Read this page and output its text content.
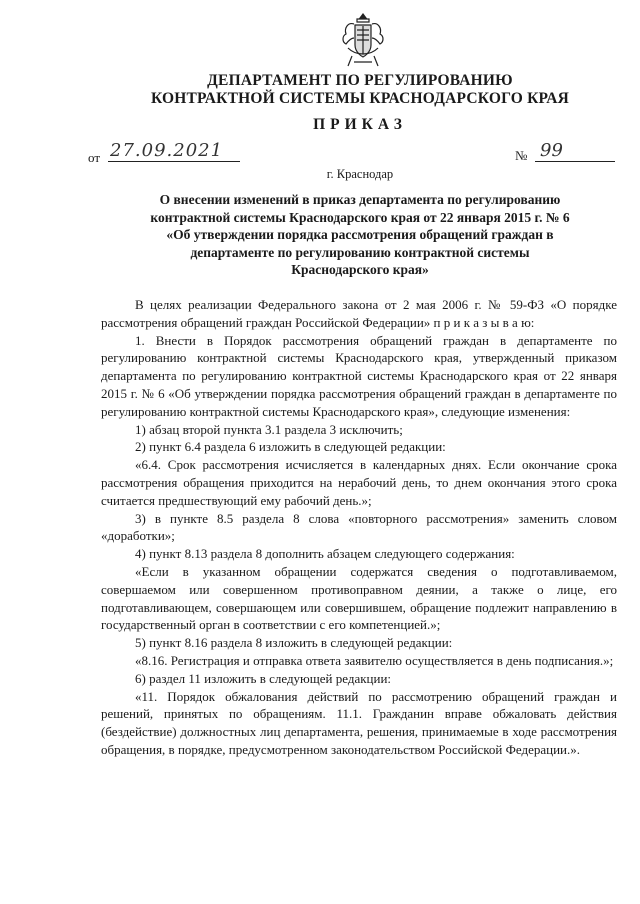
ДЕПАРТАМЕНТ ПО РЕГУЛИРОВАНИЮ
КОНТРАКТНОЙ СИСТЕМЫ КРАСНОДАРСКОГО КРАЯ
ПРИКАЗ
от 27.09.2021	№ 99
г. Краснодар
О внесении изменений в приказ департамента по регулированию
контрактной системы Краснодарского края от 22 января 2015 г. № 6
«Об утверждении порядка рассмотрения обращений граждан в
департаменте по регулированию контрактной системы
Краснодарского края»

В целях реализации Федерального закона от 2 мая 2006 г. № 59-ФЗ «О порядке рассмотрения обращений граждан Российской Федерации» п р и к а з ы в а ю:

1. Внести в Порядок рассмотрения обращений граждан в департаменте по регулированию контрактной системы Краснодарского края, утвержденный приказом департамента по регулированию контрактной системы Краснодарского края от 22 января 2015 г. № 6 «Об утверждении порядка рассмотрения обращений граждан в департаменте по регулированию контрактной системы Краснодарского края», следующие изменения:

1) абзац второй пункта 3.1 раздела 3 исключить;

2) пункт 6.4 раздела 6 изложить в следующей редакции:

«6.4. Срок рассмотрения исчисляется в календарных днях. Если окончание срока рассмотрения обращения приходится на нерабочий день, то днем окончания этого срока считается предшествующий ему рабочий день.»;

3) в пункте 8.5 раздела 8 слова «повторного рассмотрения» заменить словом «доработки»;

4) пункт 8.13 раздела 8 дополнить абзацем следующего содержания:

«Если в указанном обращении содержатся сведения о подготавливаемом, совершаемом или совершенном противоправном деянии, а также о лице, его подготавливающем, совершающем или совершившем, обращение подлежит направлению в государственный орган в соответствии с его компетенцией.»;

5) пункт 8.16 раздела 8 изложить в следующей редакции:

«8.16. Регистрация и отправка ответа заявителю осуществляется в день подписания.»;

6) раздел 11 изложить в следующей редакции:

«11. Порядок обжалования действий по рассмотрению обращений граждан и решений, принятых по обращениям. 11.1. Гражданин вправе обжаловать действия (бездействие) должностных лиц департамента, решения, принимаемые в ходе рассмотрения обращения, в порядке, предусмотренном законодательством Российской Федерации.».
